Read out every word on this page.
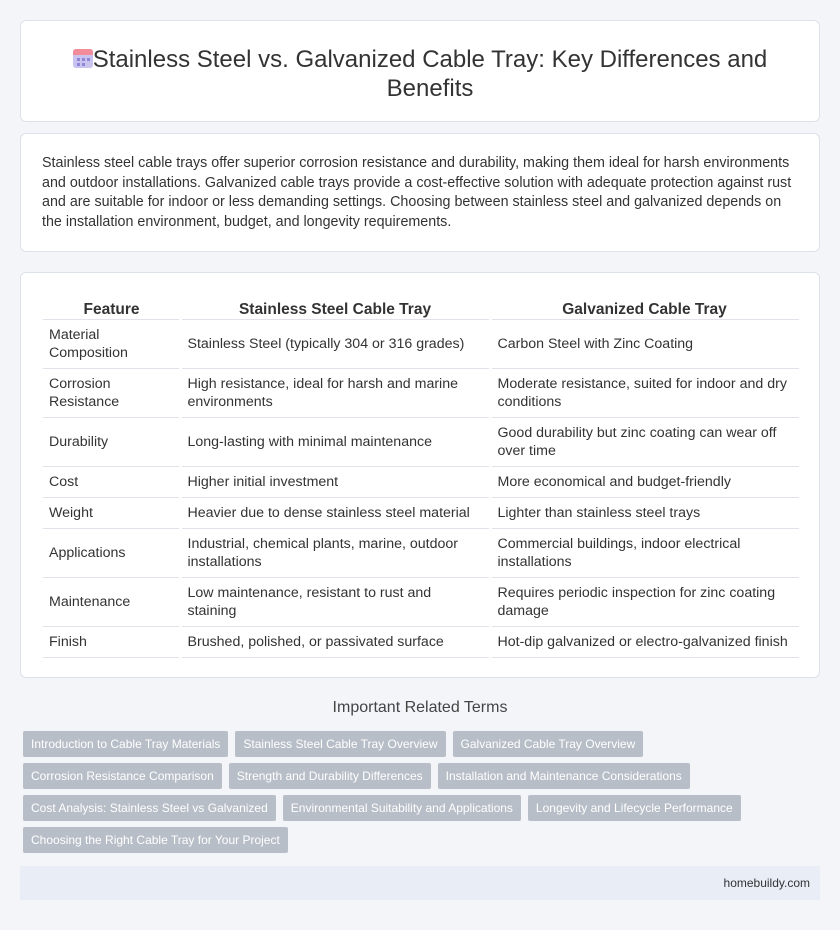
Stainless Steel vs. Galvanized Cable Tray: Key Differences and Benefits

Stainless steel cable trays offer superior corrosion resistance and durability, making them ideal for harsh environments and outdoor installations. Galvanized cable trays provide a cost-effective solution with adequate protection against rust and are suitable for indoor or less demanding settings. Choosing between stainless steel and galvanized depends on the installation environment, budget, and longevity requirements.

Feature	Stainless Steel Cable Tray	Galvanized Cable Tray
Material Composition	Stainless Steel (typically 304 or 316 grades)	Carbon Steel with Zinc Coating
Corrosion Resistance	High resistance, ideal for harsh and marine environments	Moderate resistance, suited for indoor and dry conditions
Durability	Long-lasting with minimal maintenance	Good durability but zinc coating can wear off over time
Cost	Higher initial investment	More economical and budget-friendly
Weight	Heavier due to dense stainless steel material	Lighter than stainless steel trays
Applications	Industrial, chemical plants, marine, outdoor installations	Commercial buildings, indoor electrical installations
Maintenance	Low maintenance, resistant to rust and staining	Requires periodic inspection for zinc coating damage
Finish	Brushed, polished, or passivated surface	Hot-dip galvanized or electro-galvanized finish
Important Related Terms
Introduction to Cable Tray Materials	Stainless Steel Cable Tray Overview	Galvanized Cable Tray Overview
Corrosion Resistance Comparison	Strength and Durability Differences	Installation and Maintenance Considerations
Cost Analysis: Stainless Steel vs Galvanized	Environmental Suitability and Applications	Longevity and Lifecycle Performance
Choosing the Right Cable Tray for Your Project
homebuildy.com
